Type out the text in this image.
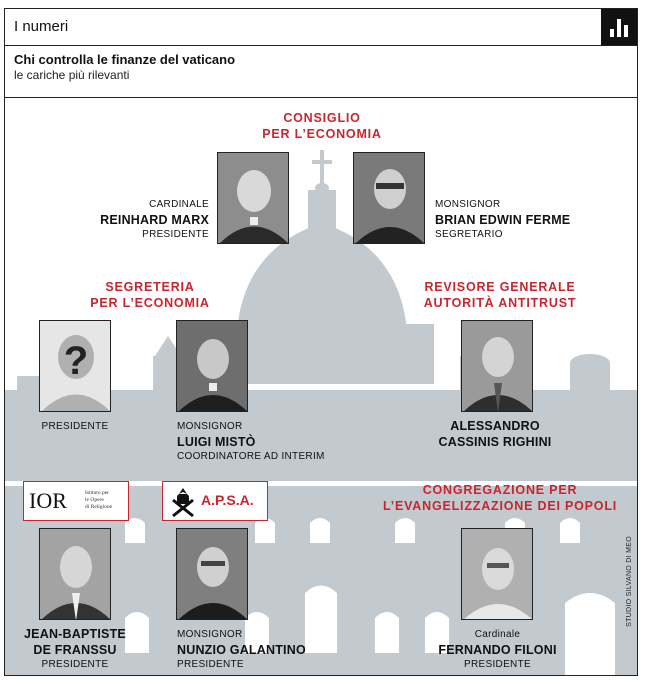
I numeri
Chi controlla le finanze del vaticano
le cariche più rilevanti
CONSIGLIO
PER L’ECONOMIA
SEGRETERIA
PER L’ECONOMIA
REVISORE GENERALE
AUTORITÀ ANTITRUST
CONGREGAZIONE PER
L’EVANGELIZZAZIONE DEI POPOLI
CARDINALE
REINHARD MARX
PRESIDENTE
MONSIGNOR
BRIAN EDWIN FERME
SEGRETARIO
?
PRESIDENTE	MONSIGNOR
LUIGI MISTÒ
COORDINATORE AD INTERIM
ALESSANDRO
CASSINIS RIGHINI
IOR	Istituto per
le Opere
di Religione	A.P.S.A.
JEAN-BAPTISTE
DE FRANSSU
PRESIDENTE
MONSIGNOR
NUNZIO GALANTINO
PRESIDENTE
Cardinale
FERNANDO FILONI
PRESIDENTE
STUDIO SILVANO DI MEO
